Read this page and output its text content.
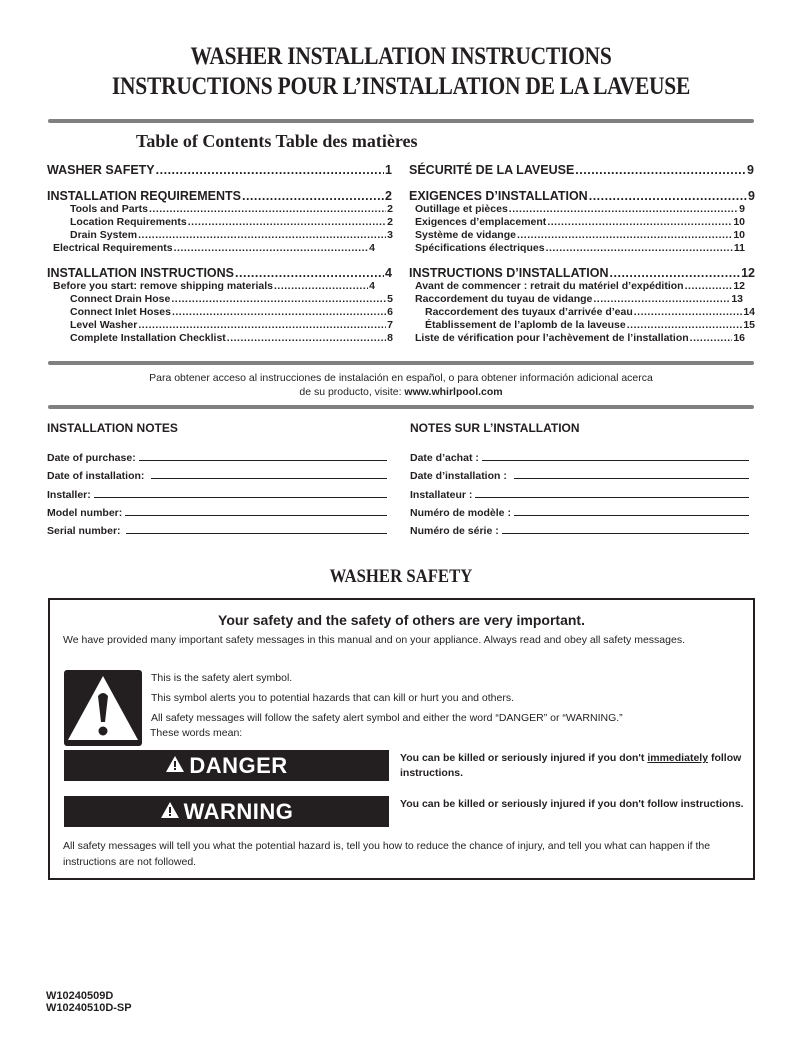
WASHER INSTALLATION INSTRUCTIONS
INSTRUCTIONS POUR L’INSTALLATION DE LA LAVEUSE
Table of Contents Table des matières
WASHER SAFETY .....	1
INSTALLATION REQUIREMENTS .....	2
Tools and Parts .....	2
Location Requirements .....	2
Drain System .....	3
Electrical Requirements .....	4
INSTALLATION INSTRUCTIONS .....	4
Before you start: remove shipping materials .....	4
Connect Drain Hose .....	5
Connect Inlet Hoses .....	6
Level Washer .....	7
Complete Installation Checklist .....	8
SÉCURITÉ DE LA LAVEUSE .....	9
EXIGENCES D’INSTALLATION .....	9
Outillage et pièces .....	9
Exigences d’emplacement .....	10
Système de vidange .....	10
Spécifications électriques .....	11
INSTRUCTIONS D’INSTALLATION .....	12
Avant de commencer : retrait du matériel d’expédition .....	12
Raccordement du tuyau de vidange .....	13
Raccordement des tuyaux d’arrivée d’eau .....	14
Établissement de l’aplomb de la laveuse .....	15
Liste de vérification pour l’achèvement de l’installation .....	16
Para obtener acceso al instrucciones de instalación en español, o para obtener información adicional acerca
de su producto, visite: www.whirlpool.com
INSTALLATION NOTES
Date of purchase:
Date of installation:
Installer:
Model number:
Serial number:
NOTES SUR L’INSTALLATION
Date d’achat :
Date d’installation :
Installateur :
Numéro de modèle :
Numéro de série :
WASHER SAFETY
Your safety and the safety of others are very important.
We have provided many important safety messages in this manual and on your appliance. Always read and obey all safety messages.
This is the safety alert symbol.
This symbol alerts you to potential hazards that can kill or hurt you and others.
All safety messages will follow the safety alert symbol and either the word “DANGER” or “WARNING.”
These words mean:
DANGER	You can be killed or seriously injured if you don't immediately follow instructions.
WARNING	You can be killed or seriously injured if you don't follow instructions.
All safety messages will tell you what the potential hazard is, tell you how to reduce the chance of injury, and tell you what can happen if the instructions are not followed.
W10240509D
W10240510D-SP
